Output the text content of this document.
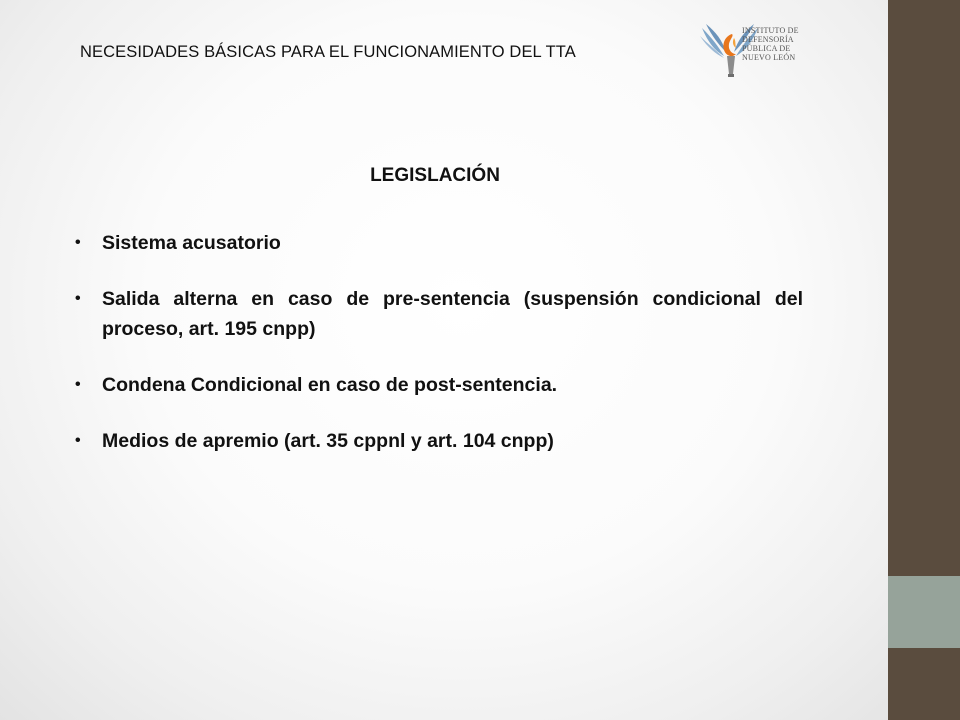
NECESIDADES BÁSICAS PARA EL FUNCIONAMIENTO DEL TTA
INSTITUTO DE
DEFENSORÍA
PÚBLICA DE
NUEVO LEÓN
LEGISLACIÓN
• Sistema acusatorio
• Salida alterna en caso de pre-sentencia (suspensión condicional del proceso, art. 195 cnpp)
• Condena Condicional en caso de post-sentencia.
• Medios de apremio (art. 35 cppnl y art. 104 cnpp)
